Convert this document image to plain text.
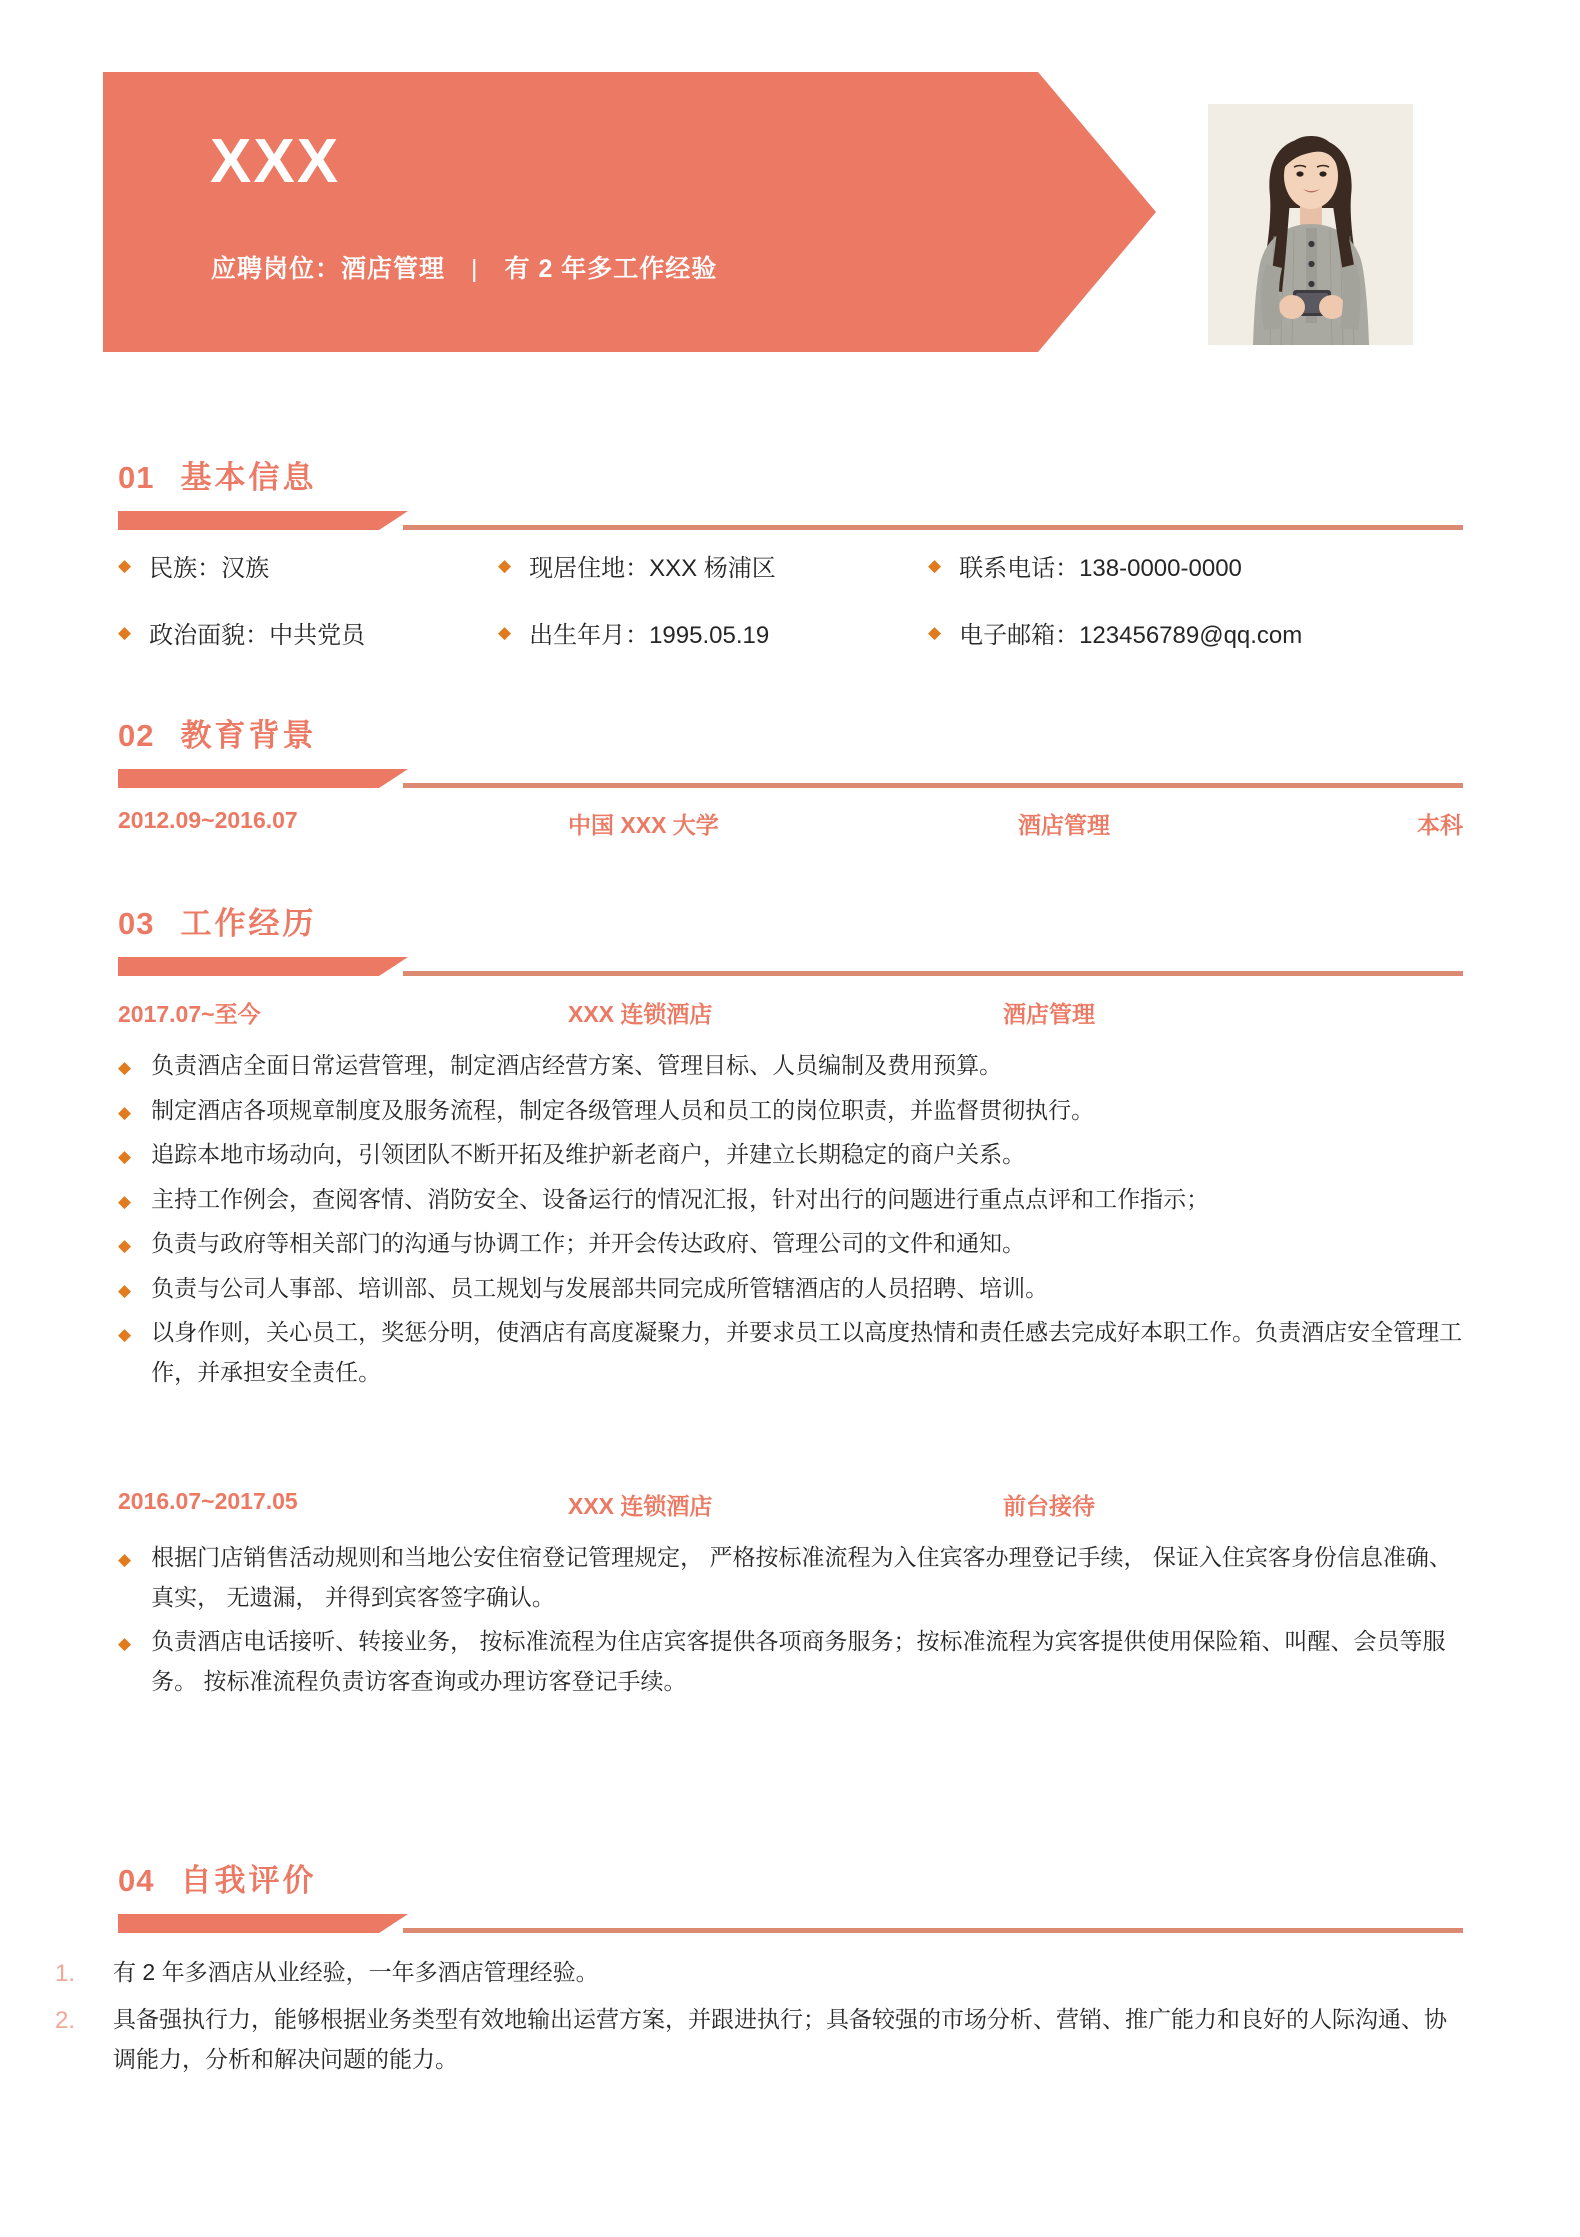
XXX
应聘岗位：酒店管理 | 有 2 年多工作经验
01 基本信息
◆ 民族：汉族	◆ 现居住地：XXX 杨浦区	◆ 联系电话：138-0000-0000
◆ 政治面貌：中共党员	◆ 出生年月：1995.05.19	◆ 电子邮箱：123456789@qq.com
02 教育背景
2012.09~2016.07	中国 XXX 大学	酒店管理	本科
03 工作经历
2017.07~至今	XXX 连锁酒店	酒店管理
◆ 负责酒店全面日常运营管理，制定酒店经营方案、管理目标、人员编制及费用预算。
◆ 制定酒店各项规章制度及服务流程，制定各级管理人员和员工的岗位职责，并监督贯彻执行。
◆ 追踪本地市场动向，引领团队不断开拓及维护新老商户，并建立长期稳定的商户关系。
◆ 主持工作例会，查阅客情、消防安全、设备运行的情况汇报，针对出行的问题进行重点点评和工作指示；
◆ 负责与政府等相关部门的沟通与协调工作；并开会传达政府、管理公司的文件和通知。
◆ 负责与公司人事部、培训部、员工规划与发展部共同完成所管辖酒店的人员招聘、培训。
◆ 以身作则，关心员工，奖惩分明，使酒店有高度凝聚力，并要求员工以高度热情和责任感去完成好本职工作。负责酒店安全管理工作，并承担安全责任。
2016.07~2017.05	XXX 连锁酒店	前台接待
◆ 根据门店销售活动规则和当地公安住宿登记管理规定， 严格按标准流程为入住宾客办理登记手续， 保证入住宾客身份信息准确、 真实， 无遗漏， 并得到宾客签字确认。
◆ 负责酒店电话接听、转接业务， 按标准流程为住店宾客提供各项商务服务；按标准流程为宾客提供使用保险箱、叫醒、会员等服务。 按标准流程负责访客查询或办理访客登记手续。
04 自我评价
1.	有 2 年多酒店从业经验，一年多酒店管理经验。
2.	具备强执行力，能够根据业务类型有效地输出运营方案，并跟进执行；具备较强的市场分析、营销、推广能力和良好的人际沟通、协调能力，分析和解决问题的能力。
